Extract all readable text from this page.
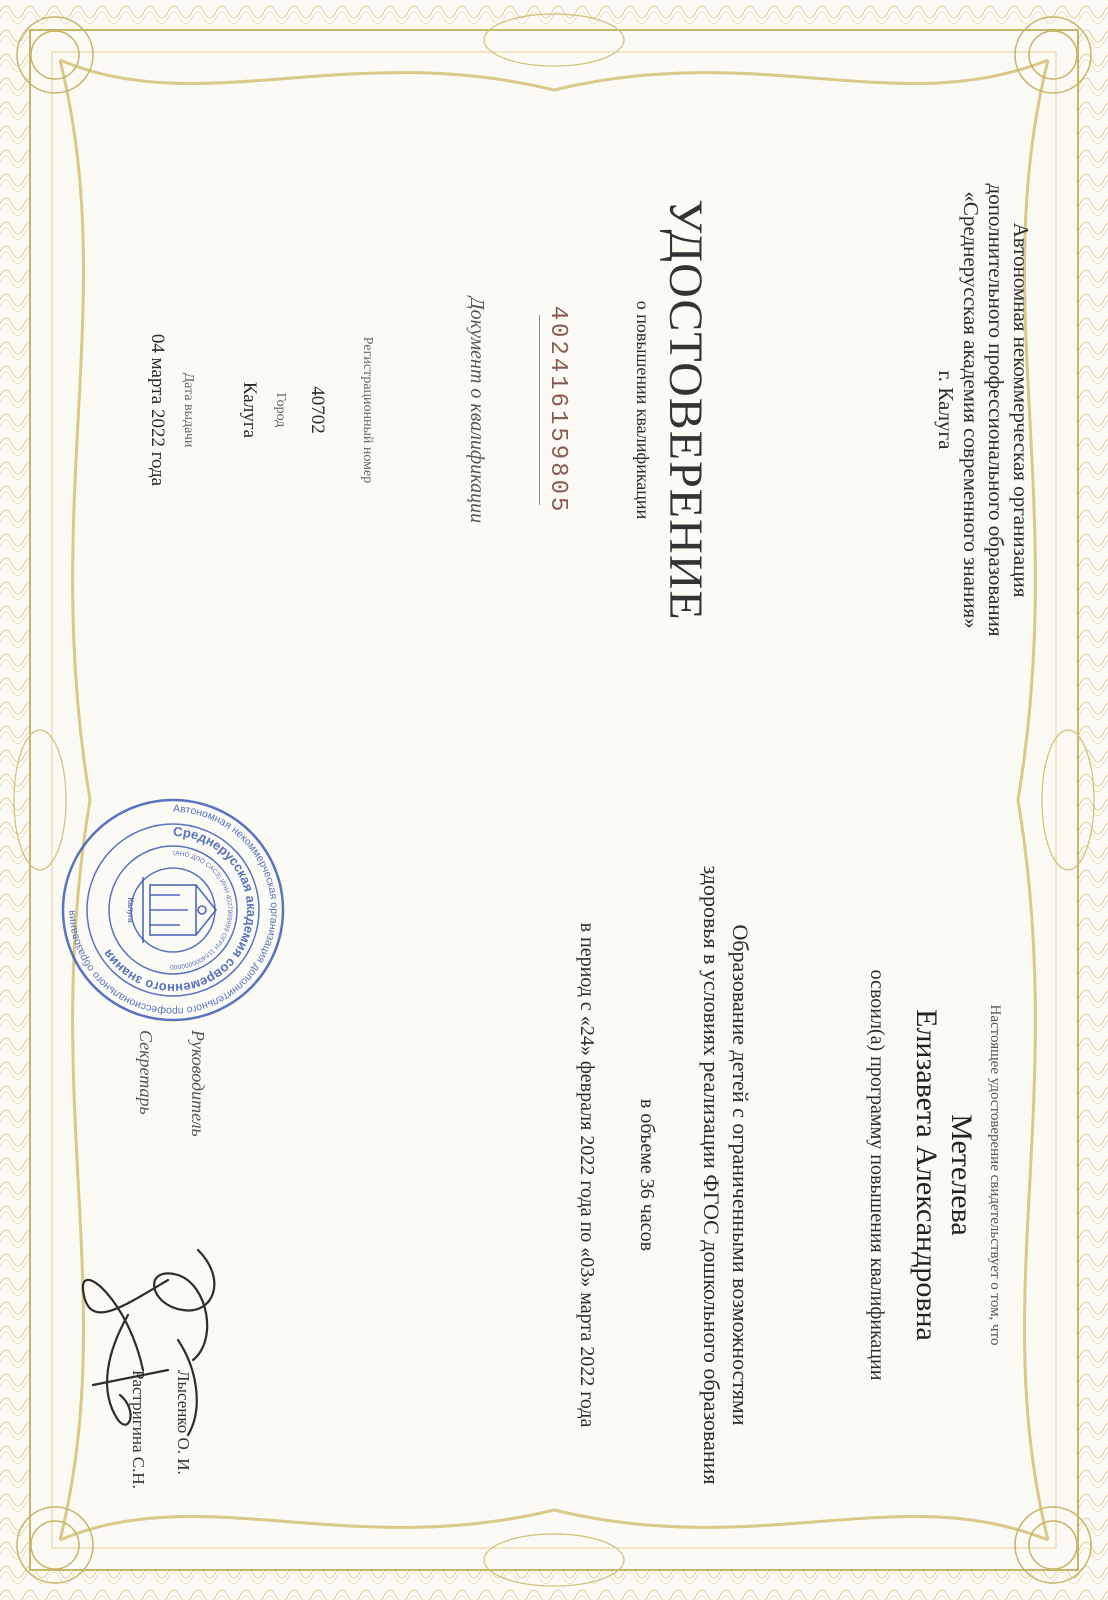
Автономная некоммерческая организация
дополнительного профессионального образования
«Среднерусская академия современного знания»
г. Калуга
УДОСТОВЕРЕНИЕ
о повышении квалификации
402416159805
Документ о квалификации
Регистрационный номер
40702
Город
Калуга
Дата выдачи
04 марта 2022 года
Настоящее удостоверение свидетельствует о том, что
Метелева
Елизавета Александровна
освоил(а) программу повышения квалификации
Образование детей с ограниченными возможностями
здоровья в условиях реализации ФГОС дошкольного образования
в объеме 36 часов
в период с «24» февраля 2022 года по «03» марта 2022 года
Руководитель
Лысенко О. И.
Секретарь
Растригина С.Н.
Автономная некоммерческая организация дополнительного профессионального образования
Среднерусская академия современного знания
(АНО ДПО САСЗ) ИНН 4027999999 ОГРН 1164000000000
Калуга
